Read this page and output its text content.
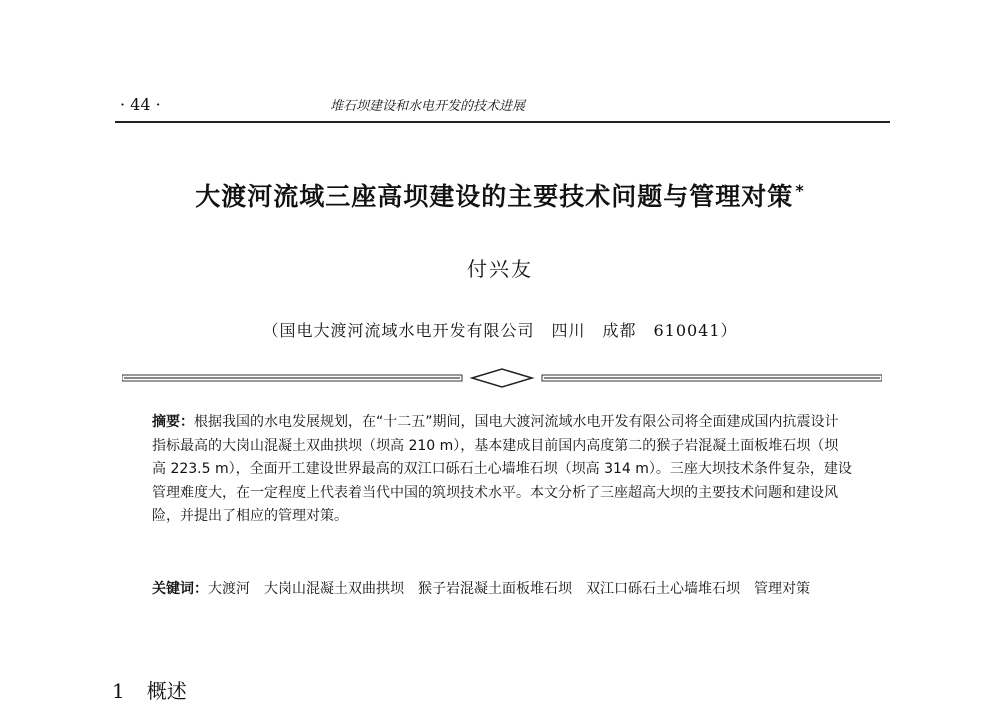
· 44 ·	堆石坝建设和水电开发的技术进展
大渡河流域三座高坝建设的主要技术问题与管理对策 *
付兴友
（国电大渡河流域水电开发有限公司　四川　成都　610041）
摘要：根据我国的水电发展规划，在“十二五”期间，国电大渡河流域水电开发有限公司将全面建成国内抗震设计指标最高的大岗山混凝土双曲拱坝（坝高 210 m），基本建成目前国内高度第二的猴子岩混凝土面板堆石坝（坝高 223.5 m），全面开工建设世界最高的双江口砾石土心墙堆石坝（坝高 314 m）。三座大坝技术条件复杂，建设管理难度大，在一定程度上代表着当代中国的筑坝技术水平。本文分析了三座超高大坝的主要技术问题和建设风险，并提出了相应的管理对策。
关键词：大渡河 大岗山混凝土双曲拱坝 猴子岩混凝土面板堆石坝 双江口砾石土心墙堆石坝 管理对策
1 概述
